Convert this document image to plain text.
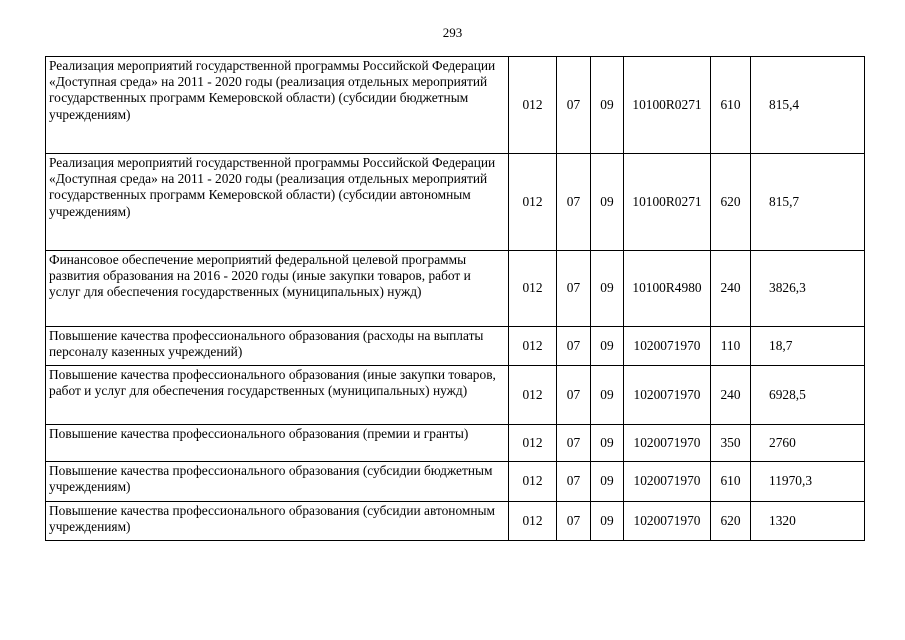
293
Реализация мероприятий государственной программы Российской Федерации «Доступная среда» на 2011 - 2020 годы (реализация отдельных мероприятий государственных программ Кемеровской области) (субсидии бюджетным учреждениям)	012	07	09	10100R0271	610	815,4
Реализация мероприятий государственной программы Российской Федерации «Доступная среда» на 2011 - 2020 годы (реализация отдельных мероприятий государственных программ Кемеровской области) (субсидии автономным учреждениям)	012	07	09	10100R0271	620	815,7
Финансовое обеспечение мероприятий федеральной целевой программы развития образования на 2016 - 2020 годы (иные закупки товаров, работ и услуг для обеспечения государственных (муниципальных) нужд)	012	07	09	10100R4980	240	3826,3
Повышение качества профессионального образования (расходы на выплаты персоналу казенных учреждений)	012	07	09	1020071970	110	18,7
Повышение качества профессионального образования (иные закупки товаров, работ и услуг для обеспечения государственных (муниципальных) нужд)	012	07	09	1020071970	240	6928,5
Повышение качества профессионального образования (премии и гранты)	012	07	09	1020071970	350	2760
Повышение качества профессионального образования (субсидии бюджетным учреждениям)	012	07	09	1020071970	610	11970,3
Повышение качества профессионального образования (субсидии автономным учреждениям)	012	07	09	1020071970	620	1320
